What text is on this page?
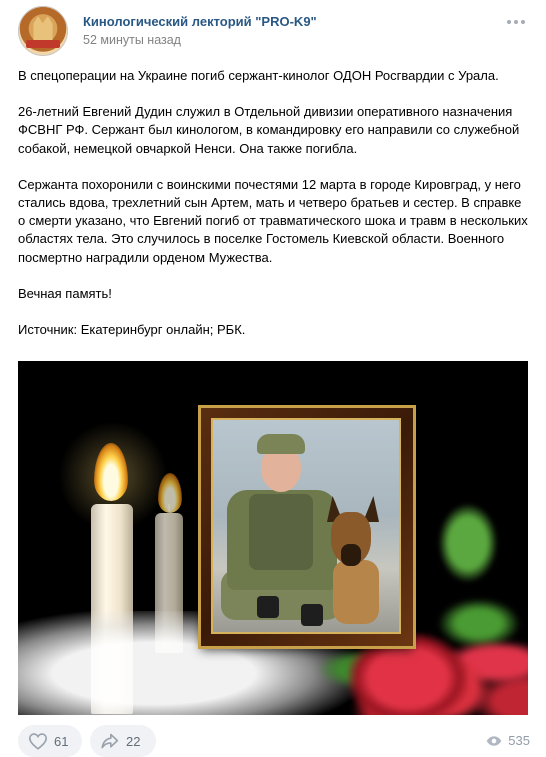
Кинологический лекторий "PRO-K9"
52 минуты назад

В спецоперации на Украине погиб сержант-кинолог ОДОН Росгвардии с Урала.

26-летний Евгений Дудин служил в Отдельной дивизии оперативного назначения ФСВНГ РФ. Сержант был кинологом, в командировку его направили со служебной собакой, немецкой овчаркой Ненси. Она также погибла.

Сержанта похоронили с воинскими почестями 12 марта в городе Кировград, у него стались вдова, трехлетний сын Артем, мать и четверо братьев и сестер. В справке о смерти указано, что Евгений погиб от травматического шока и травм в нескольких областях тела. Это случилось в поселке Гостомель Киевской области. Военного посмертно наградили орденом Мужества.

Вечная память!

Источник: Екатеринбург онлайн; РБК.

61	22	535
